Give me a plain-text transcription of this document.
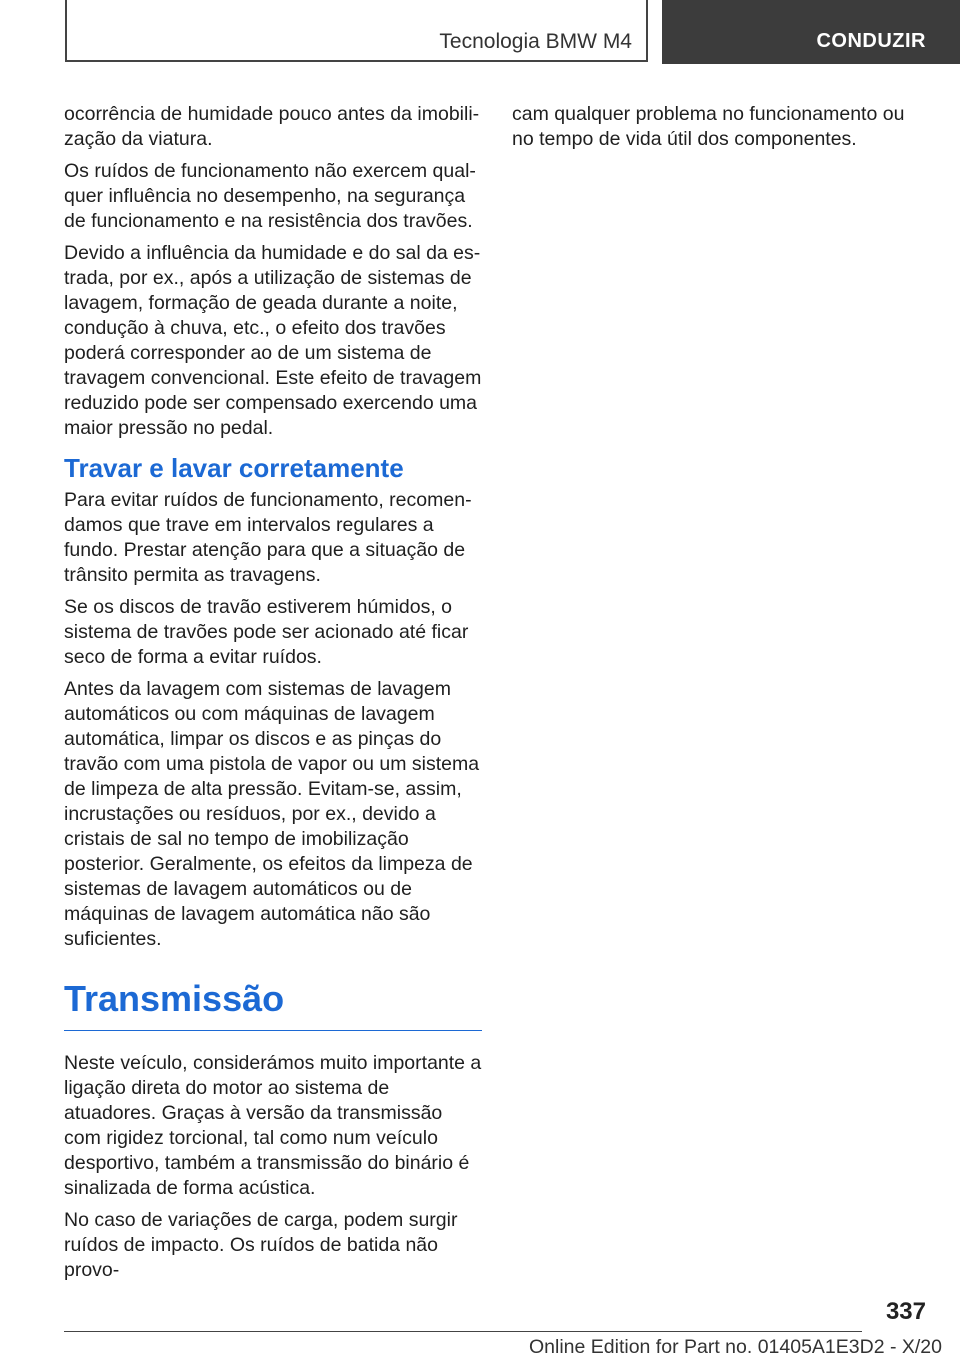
Tecnologia BMW M4	CONDUZIR

ocorrência de humidade pouco antes da imobilização da viatura.

Os ruídos de funcionamento não exercem qualquer influência no desempenho, na segurança de funcionamento e na resistência dos travões.

Devido a influência da humidade e do sal da estrada, por ex., após a utilização de sistemas de lavagem, formação de geada durante a noite, condução à chuva, etc., o efeito dos travões poderá corresponder ao de um sistema de travagem convencional. Este efeito de travagem reduzido pode ser compensado exercendo uma maior pressão no pedal.

Travar e lavar corretamente

Para evitar ruídos de funcionamento, recomendamos que trave em intervalos regulares a fundo. Prestar atenção para que a situação de trânsito permita as travagens.

Se os discos de travão estiverem húmidos, o sistema de travões pode ser acionado até ficar seco de forma a evitar ruídos.

Antes da lavagem com sistemas de lavagem automáticos ou com máquinas de lavagem automática, limpar os discos e as pinças do travão com uma pistola de vapor ou um sistema de limpeza de alta pressão. Evitam-se, assim, incrustações ou resíduos, por ex., devido a cristais de sal no tempo de imobilização posterior. Geralmente, os efeitos da limpeza de sistemas de lavagem automáticos ou de máquinas de lavagem automática não são suficientes.

Transmissão

Neste veículo, considerámos muito importante a ligação direta do motor ao sistema de atuadores. Graças à versão da transmissão com rigidez torcional, tal como num veículo desportivo, também a transmissão do binário é sinalizada de forma acústica.

No caso de variações de carga, podem surgir ruídos de impacto. Os ruídos de batida não provo-

cam qualquer problema no funcionamento ou no tempo de vida útil dos componentes.

337
Online Edition for Part no. 01405A1E3D2 - X/20
